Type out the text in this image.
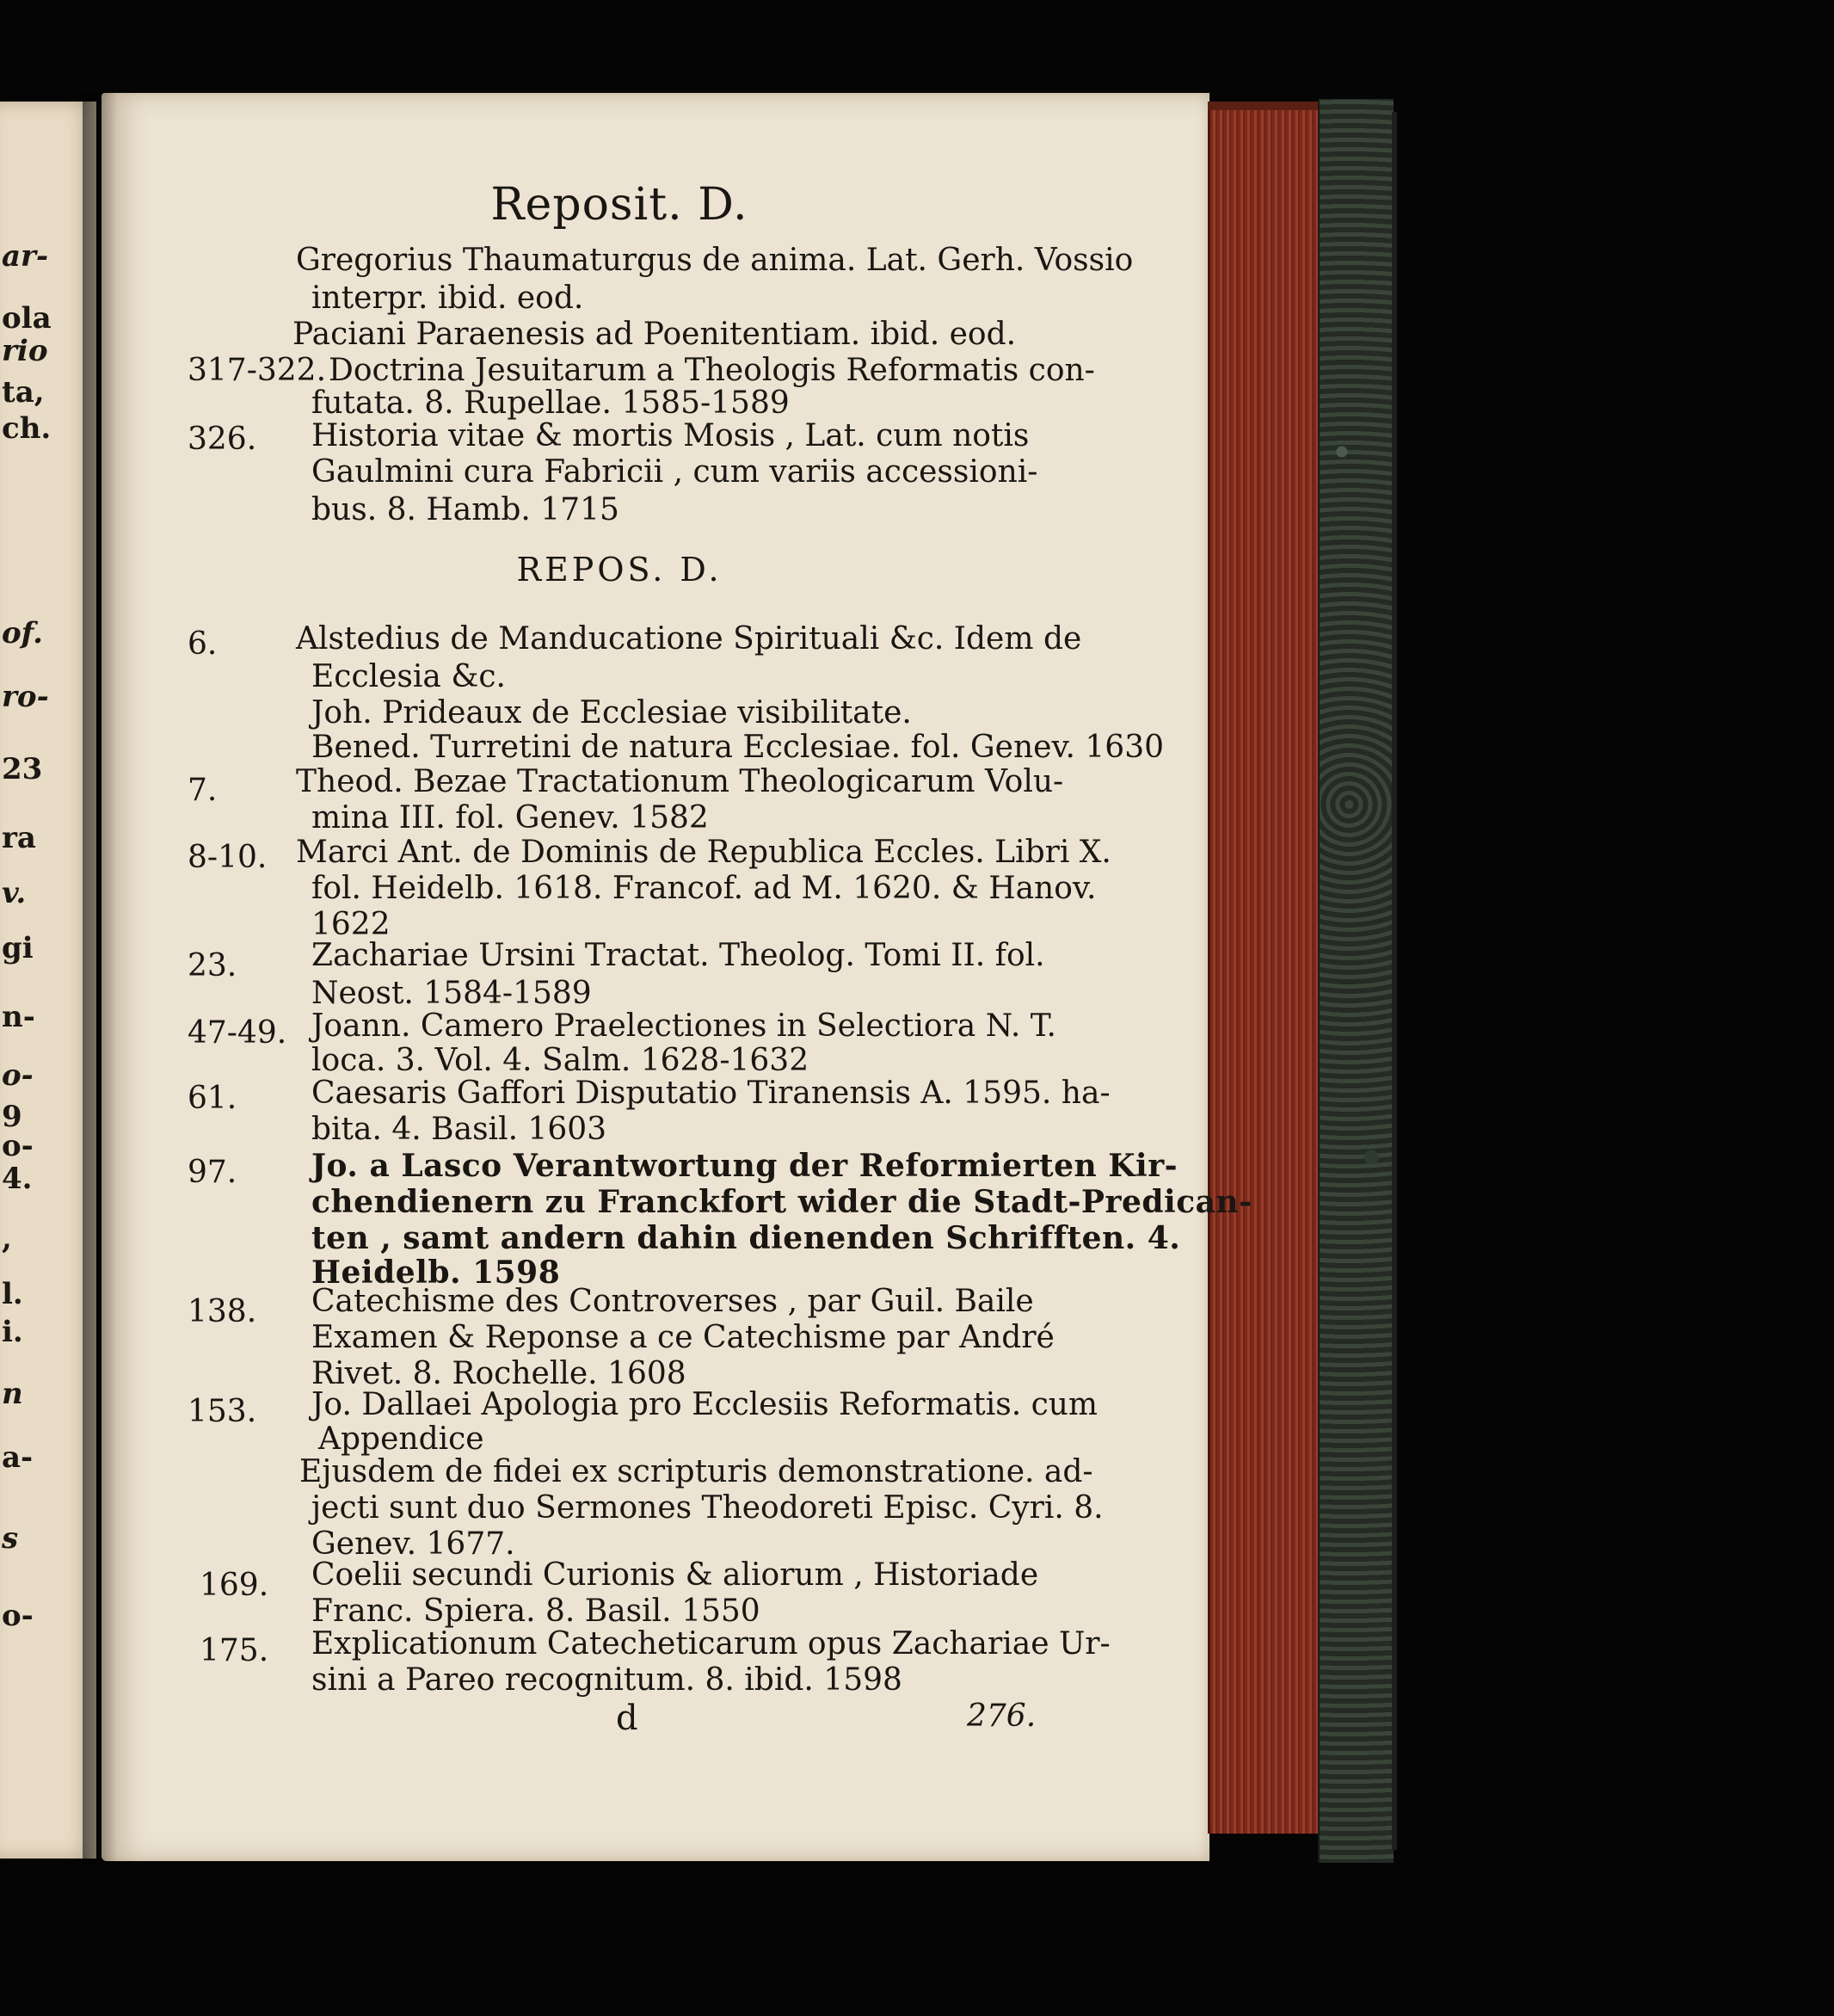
ar-

ola

rio

ta,

ch.

of.

ro-

23

ra

v.

gi

n-

o-

9

o-

4.

,

l.

i.

n

a-

s

o-

Reposit. D.

Gregorius Thaumaturgus de anima. Lat. Gerh. Vossio

interpr. ibid. eod.

Paciani Paraenesis ad Poenitentiam. ibid. eod.

317-322. Doctrina Jesuitarum a Theologis Reformatis con-

futata. 8. Rupellae. 1585-1589

326. Historia vitae & mortis Mosis , Lat. cum notis

Gaulmini cura Fabricii , cum variis accessioni-

bus. 8. Hamb. 1715

REPOS. D.

6.	Alstedius de Manducatione Spirituali &c. Idem de

Ecclesia &c.

Joh. Prideaux de Ecclesiae visibilitate.

Bened. Turretini de natura Ecclesiae. fol. Genev. 1630

7.	Theod. Bezae Tractationum Theologicarum Volu-

mina III. fol. Genev. 1582

8-10. Marci Ant. de Dominis de Republica Eccles. Libri X.

fol. Heidelb. 1618. Francof. ad M. 1620. & Hanov.

1622

23. Zachariae Ursini Tractat. Theolog. Tomi II. fol.

Neost. 1584-1589

47-49. Joann. Camero Praelectiones in Selectiora N. T.

loca. 3. Vol. 4. Salm. 1628-1632

61. Caesaris Gaffori Disputatio Tiranensis A. 1595. ha-

bita. 4. Basil. 1603

97. Jo. a Lasco Verantwortung der Reformierten Kir-

chendienern zu Franckfort wider die Stadt-Predican-

ten , samt andern dahin dienenden Schrifften. 4.

Heidelb. 1598

138. Catechisme des Controverses , par Guil. Baile

Examen & Reponse a ce Catechisme par André

Rivet. 8. Rochelle. 1608

153. Jo. Dallaei Apologia pro Ecclesiis Reformatis. cum

Appendice

Ejusdem de fidei ex scripturis demonstratione. ad-

jecti sunt duo Sermones Theodoreti Episc. Cyri. 8.

Genev. 1677.

169. Coelii secundi Curionis & aliorum , Historiade

Franc. Spiera. 8. Basil. 1550

175. Explicationum Catecheticarum opus Zachariae Ur-

sini a Pareo recognitum. 8. ibid. 1598

d	276.
